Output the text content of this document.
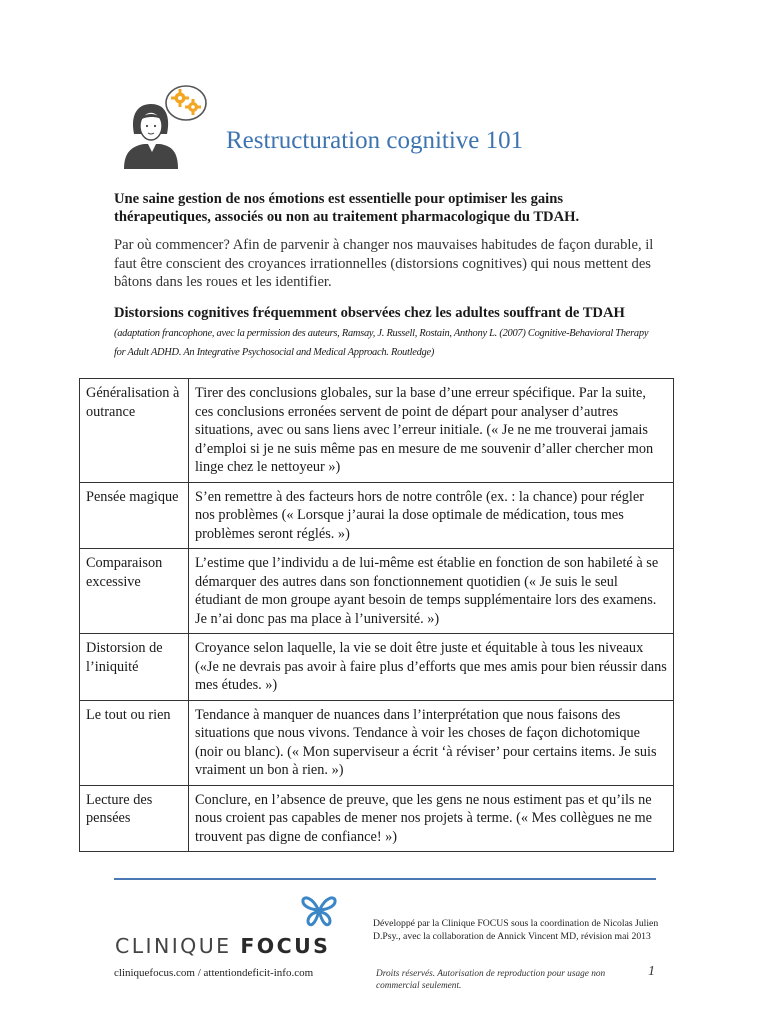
Restructuration cognitive 101
Une saine gestion de nos émotions est essentielle pour optimiser les gains thérapeutiques, associés ou non au traitement pharmacologique du TDAH.
Par où commencer? Afin de parvenir à changer nos mauvaises habitudes de façon durable, il faut être conscient des croyances irrationnelles (distorsions cognitives) qui nous mettent des bâtons dans les roues et les identifier.
Distorsions cognitives fréquemment observées chez les adultes souffrant de TDAH (adaptation francophone, avec la permission des auteurs, Ramsay, J. Russell, Rostain, Anthony L. (2007) Cognitive-Behavioral Therapy for Adult ADHD. An Integrative Psychosocial and Medical Approach. Routledge)
Généralisation à outrance	Tirer des conclusions globales, sur la base d’une erreur spécifique. Par la suite, ces conclusions erronées servent de point de départ pour analyser d’autres situations, avec ou sans liens avec l’erreur initiale. (« Je ne me trouverai jamais d’emploi si je ne suis même pas en mesure de me souvenir d’aller chercher mon linge chez le nettoyeur »)
Pensée magique	S’en remettre à des facteurs hors de notre contrôle (ex. : la chance) pour régler nos problèmes (« Lorsque j’aurai la dose optimale de médication, tous mes problèmes seront réglés. »)
Comparaison excessive	L’estime que l’individu a de lui-même est établie en fonction de son habileté à se démarquer des autres dans son fonctionnement quotidien (« Je suis le seul étudiant de mon groupe ayant besoin de temps supplémentaire lors des examens. Je n’ai donc pas ma place à l’université. »)
Distorsion de l’iniquité	Croyance selon laquelle, la vie se doit être juste et équitable à tous les niveaux («Je ne devrais pas avoir à faire plus d’efforts que mes amis pour bien réussir dans mes études. »)
Le tout ou rien	Tendance à manquer de nuances dans l’interprétation que nous faisons des situations que nous vivons. Tendance à voir les choses de façon dichotomique (noir ou blanc). (« Mon superviseur a écrit ‘à réviser’ pour certains items. Je suis vraiment un bon à rien. »)
Lecture des pensées	Conclure, en l’absence de preuve, que les gens ne nous estiment pas et qu’ils ne nous croient pas capables de mener nos projets à terme. (« Mes collègues ne me trouvent pas digne de confiance! »)
CLINIQUE FOCUS
cliniquefocus.com / attentiondeficit-info.com
Développé par la Clinique FOCUS sous la coordination de Nicolas Julien D.Psy., avec la collaboration de Annick Vincent MD, révision mai 2013
Droits réservés. Autorisation de reproduction pour usage non commercial seulement.
1
